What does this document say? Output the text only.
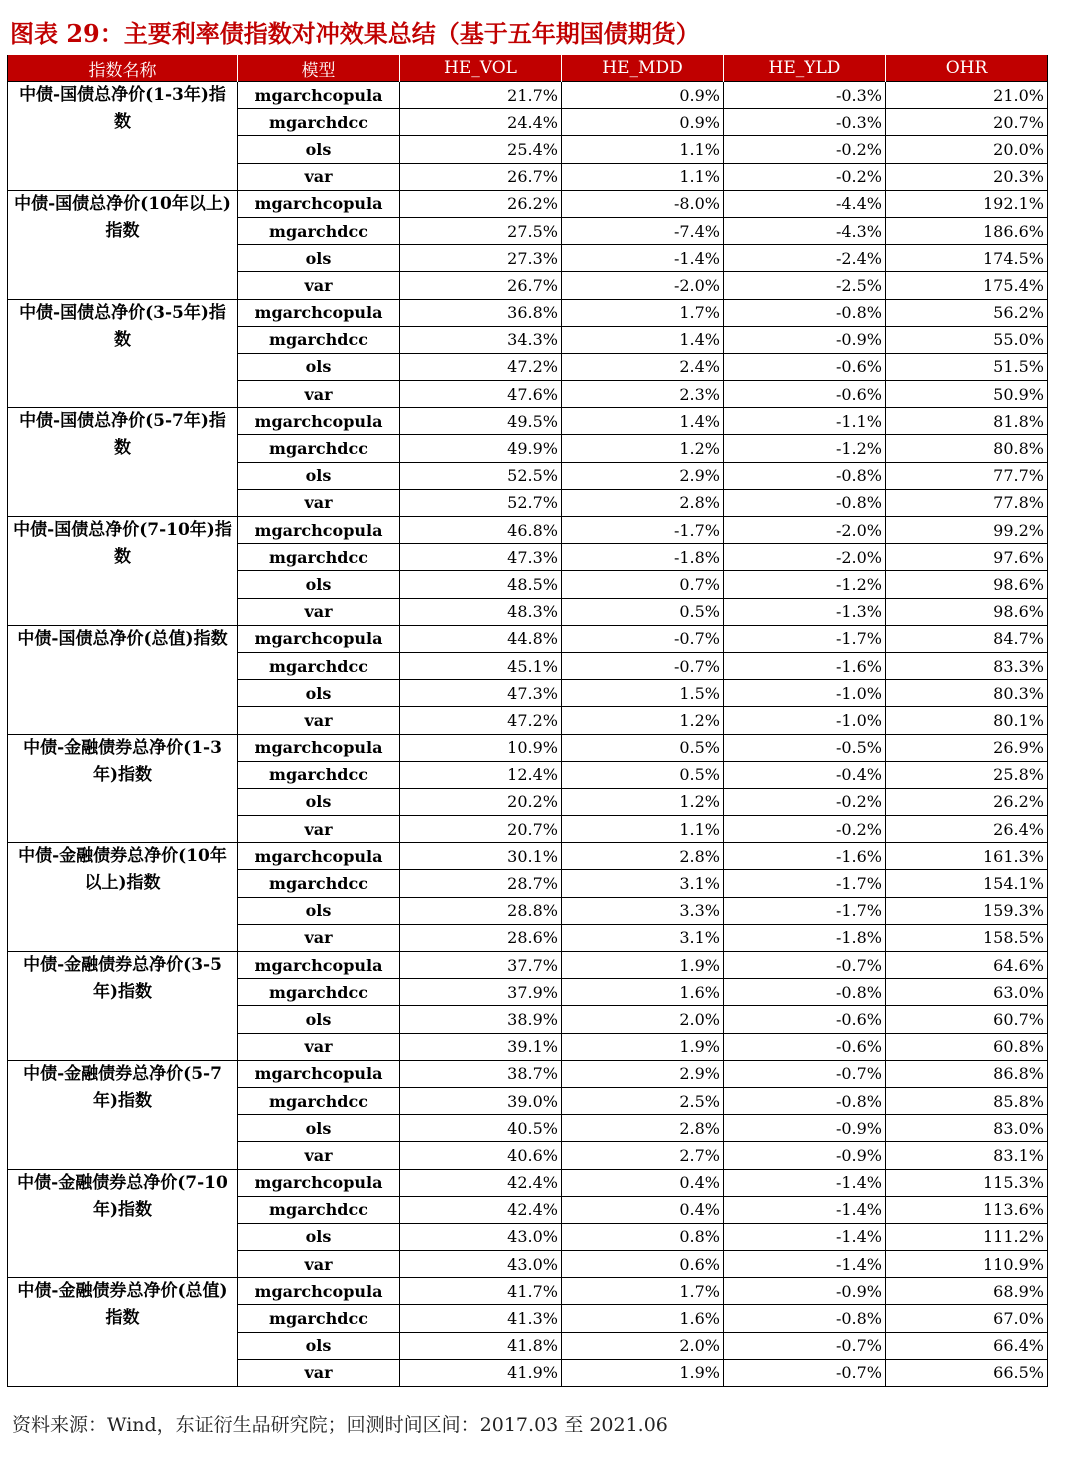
图表 29：主要利率债指数对冲效果总结（基于五年期国债期货）
指数名称	模型	HE_VOL	HE_MDD	HE_YLD	OHR
中债-国债总净价(1-3年)指数	mgarchcopula	21.7%	0.9%	-0.3%	21.0%
	mgarchdcc	24.4%	0.9%	-0.3%	20.7%
	ols	25.4%	1.1%	-0.2%	20.0%
	var	26.7%	1.1%	-0.2%	20.3%
中债-国债总净价(10年以上)指数	mgarchcopula	26.2%	-8.0%	-4.4%	192.1%
	mgarchdcc	27.5%	-7.4%	-4.3%	186.6%
	ols	27.3%	-1.4%	-2.4%	174.5%
	var	26.7%	-2.0%	-2.5%	175.4%
中债-国债总净价(3-5年)指数	mgarchcopula	36.8%	1.7%	-0.8%	56.2%
	mgarchdcc	34.3%	1.4%	-0.9%	55.0%
	ols	47.2%	2.4%	-0.6%	51.5%
	var	47.6%	2.3%	-0.6%	50.9%
中债-国债总净价(5-7年)指数	mgarchcopula	49.5%	1.4%	-1.1%	81.8%
	mgarchdcc	49.9%	1.2%	-1.2%	80.8%
	ols	52.5%	2.9%	-0.8%	77.7%
	var	52.7%	2.8%	-0.8%	77.8%
中债-国债总净价(7-10年)指数	mgarchcopula	46.8%	-1.7%	-2.0%	99.2%
	mgarchdcc	47.3%	-1.8%	-2.0%	97.6%
	ols	48.5%	0.7%	-1.2%	98.6%
	var	48.3%	0.5%	-1.3%	98.6%
中债-国债总净价(总值)指数	mgarchcopula	44.8%	-0.7%	-1.7%	84.7%
	mgarchdcc	45.1%	-0.7%	-1.6%	83.3%
	ols	47.3%	1.5%	-1.0%	80.3%
	var	47.2%	1.2%	-1.0%	80.1%
中债-金融债券总净价(1-3年)指数	mgarchcopula	10.9%	0.5%	-0.5%	26.9%
	mgarchdcc	12.4%	0.5%	-0.4%	25.8%
	ols	20.2%	1.2%	-0.2%	26.2%
	var	20.7%	1.1%	-0.2%	26.4%
中债-金融债券总净价(10年以上)指数	mgarchcopula	30.1%	2.8%	-1.6%	161.3%
	mgarchdcc	28.7%	3.1%	-1.7%	154.1%
	ols	28.8%	3.3%	-1.7%	159.3%
	var	28.6%	3.1%	-1.8%	158.5%
中债-金融债券总净价(3-5年)指数	mgarchcopula	37.7%	1.9%	-0.7%	64.6%
	mgarchdcc	37.9%	1.6%	-0.8%	63.0%
	ols	38.9%	2.0%	-0.6%	60.7%
	var	39.1%	1.9%	-0.6%	60.8%
中债-金融债券总净价(5-7年)指数	mgarchcopula	38.7%	2.9%	-0.7%	86.8%
	mgarchdcc	39.0%	2.5%	-0.8%	85.8%
	ols	40.5%	2.8%	-0.9%	83.0%
	var	40.6%	2.7%	-0.9%	83.1%
中债-金融债券总净价(7-10年)指数	mgarchcopula	42.4%	0.4%	-1.4%	115.3%
	mgarchdcc	42.4%	0.4%	-1.4%	113.6%
	ols	43.0%	0.8%	-1.4%	111.2%
	var	43.0%	0.6%	-1.4%	110.9%
中债-金融债券总净价(总值)指数	mgarchcopula	41.7%	1.7%	-0.9%	68.9%
	mgarchdcc	41.3%	1.6%	-0.8%	67.0%
	ols	41.8%	2.0%	-0.7%	66.4%
	var	41.9%	1.9%	-0.7%	66.5%
资料来源：Wind，东证衍生品研究院；回测时间区间：2017.03 至 2021.06
